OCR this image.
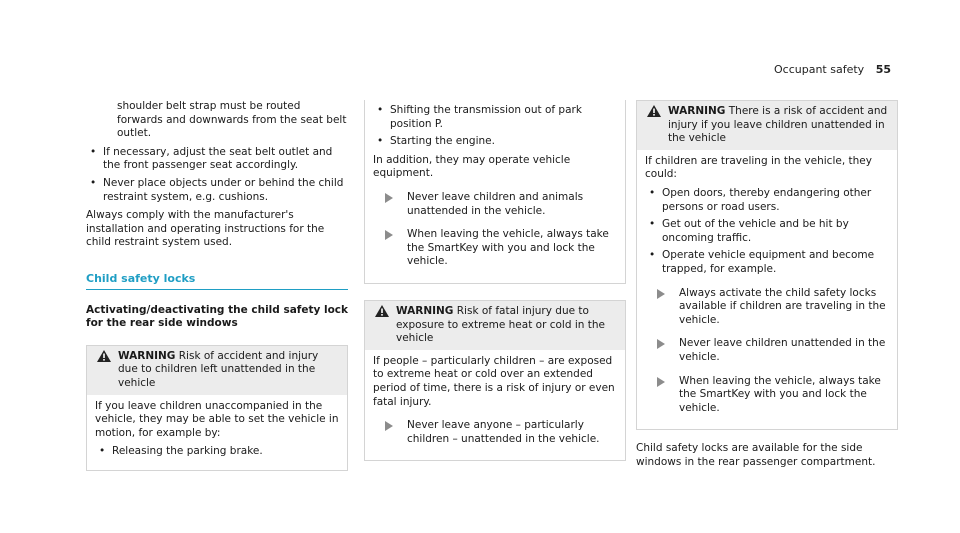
Occupant safety 55

shoulder belt strap must be routed forwards and downwards from the seat belt outlet.

• If necessary, adjust the seat belt outlet and the front passenger seat accordingly.
• Never place objects under or behind the child restraint system, e.g. cushions.

Always comply with the manufacturer's installation and operating instructions for the child restraint system used.

Child safety locks
Activating/deactivating the child safety lock for the rear side windows
WARNING Risk of accident and injury due to children left unattended in the vehicle

If you leave children unaccompanied in the vehicle, they may be able to set the vehicle in motion, for example by:

• Releasing the parking brake.
• Shifting the transmission out of park position P.
• Starting the engine.

In addition, they may operate vehicle equipment.

Never leave children and animals unattended in the vehicle.
When leaving the vehicle, always take the SmartKey with you and lock the vehicle.
WARNING Risk of fatal injury due to exposure to extreme heat or cold in the vehicle

If people – particularly children – are exposed to extreme heat or cold over an extended period of time, there is a risk of injury or even fatal injury.

Never leave anyone – particularly children – unattended in the vehicle.
WARNING There is a risk of accident and injury if you leave children unattended in the vehicle

If children are traveling in the vehicle, they could:

• Open doors, thereby endangering other persons or road users.
• Get out of the vehicle and be hit by oncoming traffic.
• Operate vehicle equipment and become trapped, for example.
Always activate the child safety locks available if children are traveling in the vehicle.
Never leave children unattended in the vehicle.
When leaving the vehicle, always take the SmartKey with you and lock the vehicle.

Child safety locks are available for the side windows in the rear passenger compartment.
